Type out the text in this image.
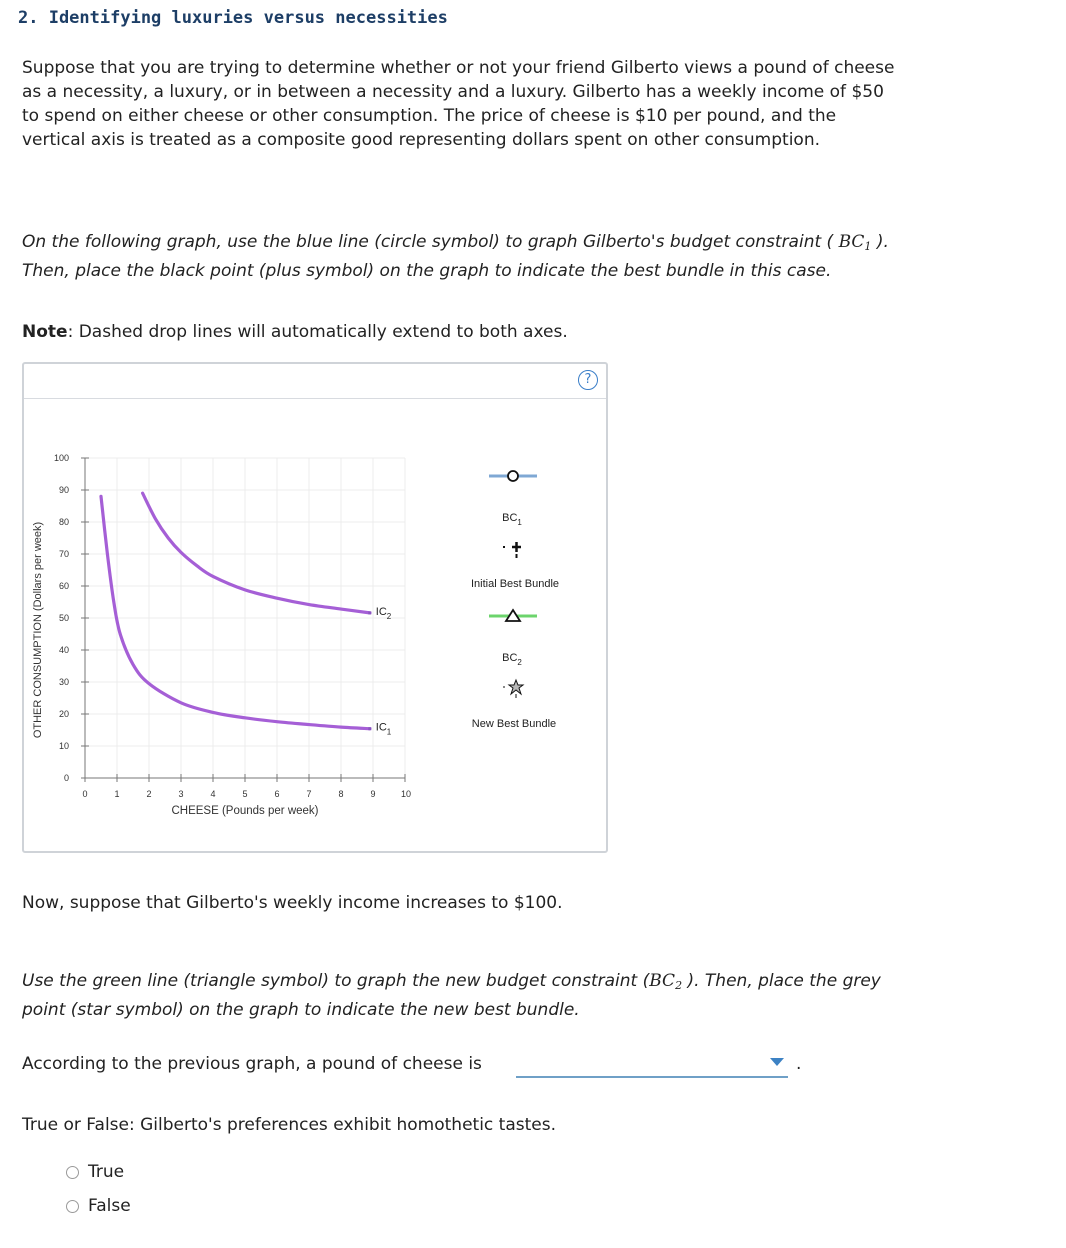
2. Identifying luxuries versus necessities

Suppose that you are trying to determine whether or not your friend Gilberto views a pound of cheese as a necessity, a luxury, or in between a necessity and a luxury. Gilberto has a weekly income of $50 to spend on either cheese or other consumption. The price of cheese is $10 per pound, and the vertical axis is treated as a composite good representing dollars spent on other consumption.

On the following graph, use the blue line (circle symbol) to graph Gilberto's budget constraint ( $BC_1$ ). Then, place the black point (plus symbol) on the graph to indicate the best bundle in this case.

Note: Dashed drop lines will automatically extend to both axes.

?
0	1	2	3	4	5	6	7	8	9	10
0
10
20
30
40
50
60
70
80
90
100
$IC_1$
$IC_2$
OTHER CONSUMPTION (Dollars per week)
CHEESE (Pounds per week)
$BC_1$
Initial Best Bundle
$BC_2$
New Best Bundle

Now, suppose that Gilberto's weekly income increases to $100.

Use the green line (triangle symbol) to graph the new budget constraint ($BC_2$ ). Then, place the grey point (star symbol) on the graph to indicate the new best bundle.

According to the previous graph, a pound of cheese is	.

True or False: Gilberto's preferences exhibit homothetic tastes.

True
False
